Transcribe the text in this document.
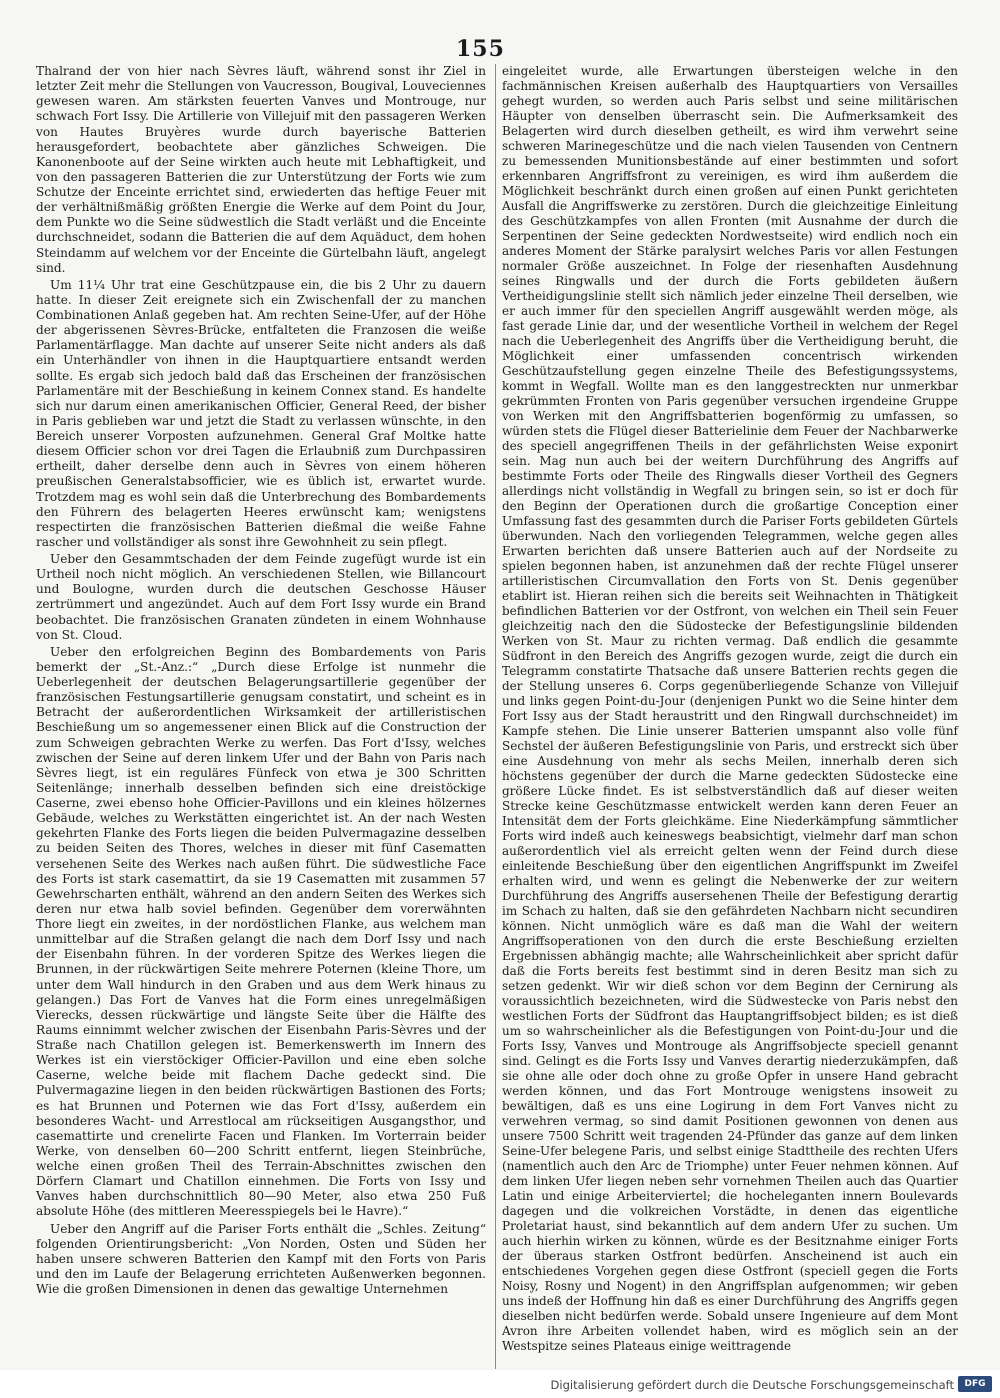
155

Thalrand der von hier nach Sèvres läuft, während sonst ihr Ziel in letzter Zeit mehr die Stellungen von Vaucresson, Bougival, Louveciennes gewesen waren. Am stärksten feuerten Vanves und Montrouge, nur schwach Fort Issy. Die Artillerie von Villejuif mit den passageren Werken von Hautes Bruyères wurde durch bayerische Batterien herausgefordert, beobachtete aber gänzliches Schweigen. Die Kanonenboote auf der Seine wirkten auch heute mit Lebhaftigkeit, und von den passageren Batterien die zur Unterstützung der Forts wie zum Schutze der Enceinte errichtet sind, erwiederten das heftige Feuer mit der verhältnißmäßig größten Energie die Werke auf dem Point du Jour, dem Punkte wo die Seine südwestlich die Stadt verläßt und die Enceinte durchschneidet, sodann die Batterien die auf dem Aquäduct, dem hohen Steindamm auf welchem vor der Enceinte die Gürtelbahn läuft, angelegt sind.

Um 11¼ Uhr trat eine Geschützpause ein, die bis 2 Uhr zu dauern hatte. In dieser Zeit ereignete sich ein Zwischenfall der zu manchen Combinationen Anlaß gegeben hat. Am rechten Seine-Ufer, auf der Höhe der abgerissenen Sèvres-Brücke, entfalteten die Franzosen die weiße Parlamentärflagge. Man dachte auf unserer Seite nicht anders als daß ein Unterhändler von ihnen in die Hauptquartiere entsandt werden sollte. Es ergab sich jedoch bald daß das Erscheinen der französischen Parlamentäre mit der Beschießung in keinem Connex stand. Es handelte sich nur darum einen amerikanischen Officier, General Reed, der bisher in Paris geblieben war und jetzt die Stadt zu verlassen wünschte, in den Bereich unserer Vorposten aufzunehmen. General Graf Moltke hatte diesem Officier schon vor drei Tagen die Erlaubniß zum Durchpassiren ertheilt, daher derselbe denn auch in Sèvres von einem höheren preußischen Generalstabsofficier, wie es üblich ist, erwartet wurde. Trotzdem mag es wohl sein daß die Unterbrechung des Bombardements den Führern des belagerten Heeres erwünscht kam; wenigstens respectirten die französischen Batterien dießmal die weiße Fahne rascher und vollständiger als sonst ihre Gewohnheit zu sein pflegt.

Ueber den Gesammtschaden der dem Feinde zugefügt wurde ist ein Urtheil noch nicht möglich. An verschiedenen Stellen, wie Billancourt und Boulogne, wurden durch die deutschen Geschosse Häuser zertrümmert und angezündet. Auch auf dem Fort Issy wurde ein Brand beobachtet. Die französischen Granaten zündeten in einem Wohnhause von St. Cloud.

Ueber den erfolgreichen Beginn des Bombardements von Paris bemerkt der „St.-Anz.:“ „Durch diese Erfolge ist nunmehr die Ueberlegenheit der deutschen Belagerungsartillerie gegenüber der französischen Festungsartillerie genugsam constatirt, und scheint es in Betracht der außerordentlichen Wirksamkeit der artilleristischen Beschießung um so angemessener einen Blick auf die Construction der zum Schweigen gebrachten Werke zu werfen. Das Fort d'Issy, welches zwischen der Seine auf deren linkem Ufer und der Bahn von Paris nach Sèvres liegt, ist ein reguläres Fünfeck von etwa je 300 Schritten Seitenlänge; innerhalb desselben befinden sich eine dreistöckige Caserne, zwei ebenso hohe Officier-Pavillons und ein kleines hölzernes Gebäude, welches zu Werkstätten eingerichtet ist. An der nach Westen gekehrten Flanke des Forts liegen die beiden Pulvermagazine desselben zu beiden Seiten des Thores, welches in dieser mit fünf Casematten versehenen Seite des Werkes nach außen führt. Die südwestliche Face des Forts ist stark casemattirt, da sie 19 Casematten mit zusammen 57 Gewehrscharten enthält, während an den andern Seiten des Werkes sich deren nur etwa halb soviel befinden. Gegenüber dem vorerwähnten Thore liegt ein zweites, in der nordöstlichen Flanke, aus welchem man unmittelbar auf die Straßen gelangt die nach dem Dorf Issy und nach der Eisenbahn führen. In der vorderen Spitze des Werkes liegen die Brunnen, in der rückwärtigen Seite mehrere Poternen (kleine Thore, um unter dem Wall hindurch in den Graben und aus dem Werk hinaus zu gelangen.) Das Fort de Vanves hat die Form eines unregelmäßigen Vierecks, dessen rückwärtige und längste Seite über die Hälfte des Raums einnimmt welcher zwischen der Eisenbahn Paris-Sèvres und der Straße nach Chatillon gelegen ist. Bemerkenswerth im Innern des Werkes ist ein vierstöckiger Officier-Pavillon und eine eben solche Caserne, welche beide mit flachem Dache gedeckt sind. Die Pulvermagazine liegen in den beiden rückwärtigen Bastionen des Forts; es hat Brunnen und Poternen wie das Fort d'Issy, außerdem ein besonderes Wacht- und Arrestlocal am rückseitigen Ausgangsthor, und casemattirte und crenelirte Facen und Flanken. Im Vorterrain beider Werke, von denselben 60—200 Schritt entfernt, liegen Steinbrüche, welche einen großen Theil des Terrain-Abschnittes zwischen den Dörfern Clamart und Chatillon einnehmen. Die Forts von Issy und Vanves haben durchschnittlich 80—90 Meter, also etwa 250 Fuß absolute Höhe (des mittleren Meeresspiegels bei le Havre).“

Ueber den Angriff auf die Pariser Forts enthält die „Schles. Zeitung“ folgenden Orientirungsbericht: „Von Norden, Osten und Süden her haben unsere schweren Batterien den Kampf mit den Forts von Paris und den im Laufe der Belagerung errichteten Außenwerken begonnen. Wie die großen Dimensionen in denen das gewaltige Unternehmen

eingeleitet wurde, alle Erwartungen übersteigen welche in den fachmännischen Kreisen außerhalb des Hauptquartiers von Versailles gehegt wurden, so werden auch Paris selbst und seine militärischen Häupter von denselben überrascht sein. Die Aufmerksamkeit des Belagerten wird durch dieselben getheilt, es wird ihm verwehrt seine schweren Marinegeschütze und die nach vielen Tausenden von Centnern zu bemessenden Munitionsbestände auf einer bestimmten und sofort erkennbaren Angriffsfront zu vereinigen, es wird ihm außerdem die Möglichkeit beschränkt durch einen großen auf einen Punkt gerichteten Ausfall die Angriffswerke zu zerstören. Durch die gleichzeitige Einleitung des Geschützkampfes von allen Fronten (mit Ausnahme der durch die Serpentinen der Seine gedeckten Nordwestseite) wird endlich noch ein anderes Moment der Stärke paralysirt welches Paris vor allen Festungen normaler Größe auszeichnet. In Folge der riesenhaften Ausdehnung seines Ringwalls und der durch die Forts gebildeten äußern Vertheidigungslinie stellt sich nämlich jeder einzelne Theil derselben, wie er auch immer für den speciellen Angriff ausgewählt werden möge, als fast gerade Linie dar, und der wesentliche Vortheil in welchem der Regel nach die Ueberlegenheit des Angriffs über die Vertheidigung beruht, die Möglichkeit einer umfassenden concentrisch wirkenden Geschützaufstellung gegen einzelne Theile des Befestigungssystems, kommt in Wegfall. Wollte man es den langgestreckten nur unmerkbar gekrümmten Fronten von Paris gegenüber versuchen irgendeine Gruppe von Werken mit den Angriffsbatterien bogenförmig zu umfassen, so würden stets die Flügel dieser Batterielinie dem Feuer der Nachbarwerke des speciell angegriffenen Theils in der gefährlichsten Weise exponirt sein. Mag nun auch bei der weitern Durchführung des Angriffs auf bestimmte Forts oder Theile des Ringwalls dieser Vortheil des Gegners allerdings nicht vollständig in Wegfall zu bringen sein, so ist er doch für den Beginn der Operationen durch die großartige Conception einer Umfassung fast des gesammten durch die Pariser Forts gebildeten Gürtels überwunden. Nach den vorliegenden Telegrammen, welche gegen alles Erwarten berichten daß unsere Batterien auch auf der Nordseite zu spielen begonnen haben, ist anzunehmen daß der rechte Flügel unserer artilleristischen Circumvallation den Forts von St. Denis gegenüber etablirt ist. Hieran reihen sich die bereits seit Weihnachten in Thätigkeit befindlichen Batterien vor der Ostfront, von welchen ein Theil sein Feuer gleichzeitig nach den die Südostecke der Befestigungslinie bildenden Werken von St. Maur zu richten vermag. Daß endlich die gesammte Südfront in den Bereich des Angriffs gezogen wurde, zeigt die durch ein Telegramm constatirte Thatsache daß unsere Batterien rechts gegen die der Stellung unseres 6. Corps gegenüberliegende Schanze von Villejuif und links gegen Point-du-Jour (denjenigen Punkt wo die Seine hinter dem Fort Issy aus der Stadt heraustritt und den Ringwall durchschneidet) im Kampfe stehen. Die Linie unserer Batterien umspannt also volle fünf Sechstel der äußeren Befestigungslinie von Paris, und erstreckt sich über eine Ausdehnung von mehr als sechs Meilen, innerhalb deren sich höchstens gegenüber der durch die Marne gedeckten Südostecke eine größere Lücke findet. Es ist selbstverständlich daß auf dieser weiten Strecke keine Geschützmasse entwickelt werden kann deren Feuer an Intensität dem der Forts gleichkäme. Eine Niederkämpfung sämmtlicher Forts wird indeß auch keineswegs beabsichtigt, vielmehr darf man schon außerordentlich viel als erreicht gelten wenn der Feind durch diese einleitende Beschießung über den eigentlichen Angriffspunkt im Zweifel erhalten wird, und wenn es gelingt die Nebenwerke der zur weitern Durchführung des Angriffs ausersehenen Theile der Befestigung derartig im Schach zu halten, daß sie den gefährdeten Nachbarn nicht secundiren können. Nicht unmöglich wäre es daß man die Wahl der weitern Angriffsoperationen von den durch die erste Beschießung erzielten Ergebnissen abhängig machte; alle Wahrscheinlichkeit aber spricht dafür daß die Forts bereits fest bestimmt sind in deren Besitz man sich zu setzen gedenkt. Wir wir dieß schon vor dem Beginn der Cernirung als voraussichtlich bezeichneten, wird die Südwestecke von Paris nebst den westlichen Forts der Südfront das Hauptangriffsobject bilden; es ist dieß um so wahrscheinlicher als die Befestigungen von Point-du-Jour und die Forts Issy, Vanves und Montrouge als Angriffsobjecte speciell genannt sind. Gelingt es die Forts Issy und Vanves derartig niederzukämpfen, daß sie ohne alle oder doch ohne zu große Opfer in unsere Hand gebracht werden können, und das Fort Montrouge wenigstens insoweit zu bewältigen, daß es uns eine Logirung in dem Fort Vanves nicht zu verwehren vermag, so sind damit Positionen gewonnen von denen aus unsere 7500 Schritt weit tragenden 24-Pfünder das ganze auf dem linken Seine-Ufer belegene Paris, und selbst einige Stadttheile des rechten Ufers (namentlich auch den Arc de Triomphe) unter Feuer nehmen können. Auf dem linken Ufer liegen neben sehr vornehmen Theilen auch das Quartier Latin und einige Arbeiterviertel; die hocheleganten innern Boulevards dagegen und die volkreichen Vorstädte, in denen das eigentliche Proletariat haust, sind bekanntlich auf dem andern Ufer zu suchen. Um auch hierhin wirken zu können, würde es der Besitznahme einiger Forts der überaus starken Ostfront bedürfen. Anscheinend ist auch ein entschiedenes Vorgehen gegen diese Ostfront (speciell gegen die Forts Noisy, Rosny und Nogent) in den Angriffsplan aufgenommen; wir geben uns indeß der Hoffnung hin daß es einer Durchführung des Angriffs gegen dieselben nicht bedürfen werde. Sobald unsere Ingenieure auf dem Mont Avron ihre Arbeiten vollendet haben, wird es möglich sein an der Westspitze seines Plateaus einige weittragende

Digitalisierung gefördert durch die Deutsche Forschungsgemeinschaft	DFG
